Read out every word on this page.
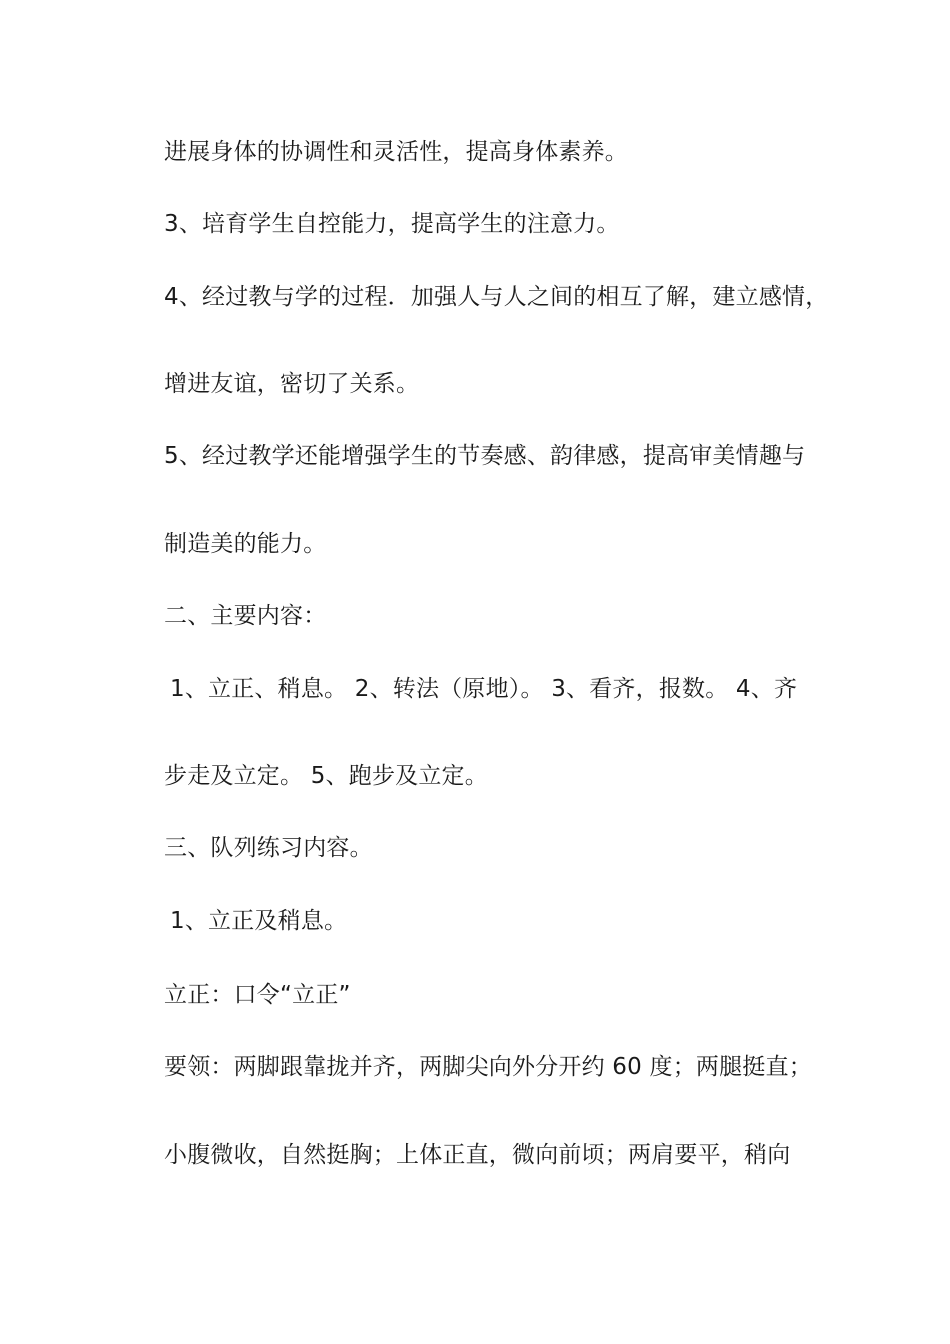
进展身体的协调性和灵活性，提高身体素养。
3、培育学生自控能力，提高学生的注意力。
4、经过教与学的过程．加强人与人之间的相互了解，建立感情，
增进友谊，密切了关系。
5、经过教学还能增强学生的节奏感、韵律感，提高审美情趣与
制造美的能力。
二、主要内容：
1、立正、稍息。 2、转法（原地）。 3、看齐，报数。 4、齐
步走及立定。 5、跑步及立定。
三、队列练习内容。
1、立正及稍息。
立正：口令“立正”
要领：两脚跟靠拢并齐，两脚尖向外分开约 60 度；两腿挺直；
小腹微收，自然挺胸；上体正直，微向前顷；两肩要平，稍向
